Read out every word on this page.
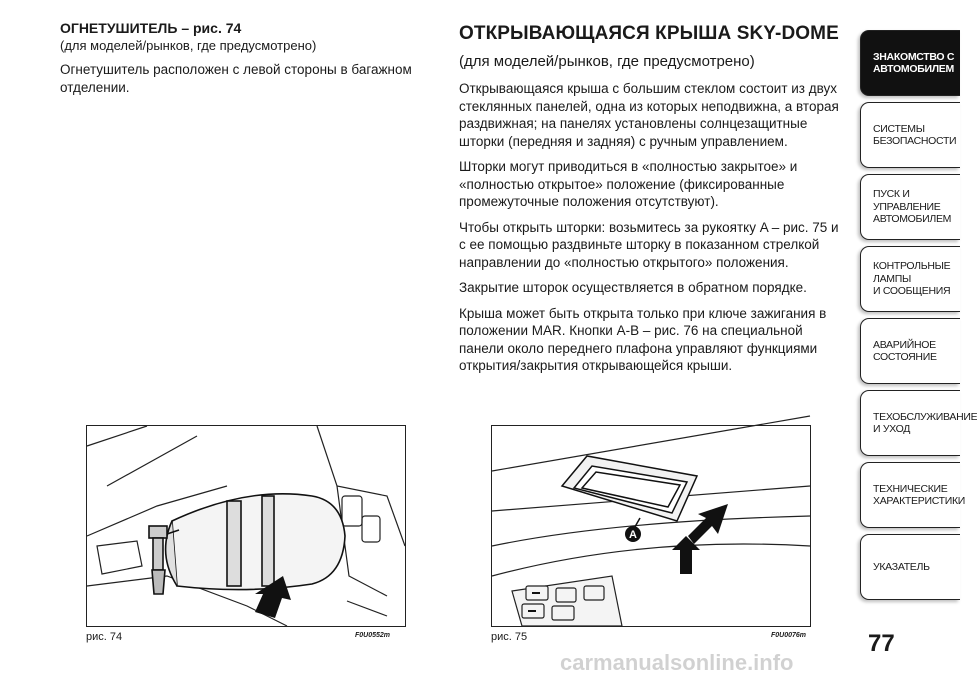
ОГНЕТУШИТЕЛЬ – рис. 74
(для моделей/рынков, где предусмотрено)

Огнетушитель расположен с левой стороны в багажном отделении.

ОТКРЫВАЮЩАЯСЯ КРЫША SKY-DOME
(для моделей/рынков, где предусмотрено)

Открывающаяся крыша с большим стеклом состоит из двух стеклянных панелей, одна из которых неподвижна, а вторая раздвижная; на панелях установлены солнцезащитные шторки (передняя и задняя) с ручным управлением.

Шторки могут приводиться в «полностью закрытое» и «полностью открытое» положение (фиксированные промежуточные положения отсутствуют).

Чтобы открыть шторки: возьмитесь за рукоятку A – рис. 75 и с ее помощью раздвиньте шторку в показанном стрелкой направлении до «полностью открытого» положения.

Закрытие шторок осуществляется в обратном порядке.

Крыша может быть открыта только при ключе зажигания в положении MAR. Кнопки A-B – рис. 76 на специальной панели около переднего плафона управляют функциями открытия/закрытия открывающейся крыши.

рис. 74	F0U0552m
A
рис. 75	F0U0076m
ЗНАКОМСТВО С
АВТОМОБИЛЕМ
СИСТЕМЫ
БЕЗОПАСНОСТИ
ПУСК И УПРАВЛЕНИЕ
АВТОМОБИЛЕМ
КОНТРОЛЬНЫЕ
ЛАМПЫ
И СООБЩЕНИЯ
АВАРИЙНОЕ
СОСТОЯНИЕ
ТЕХОБСЛУЖИВАНИЕ
И УХОД
ТЕХНИЧЕСКИЕ
ХАРАКТЕРИСТИКИ
УКАЗАТЕЛЬ
77
carmanualsonline.info
